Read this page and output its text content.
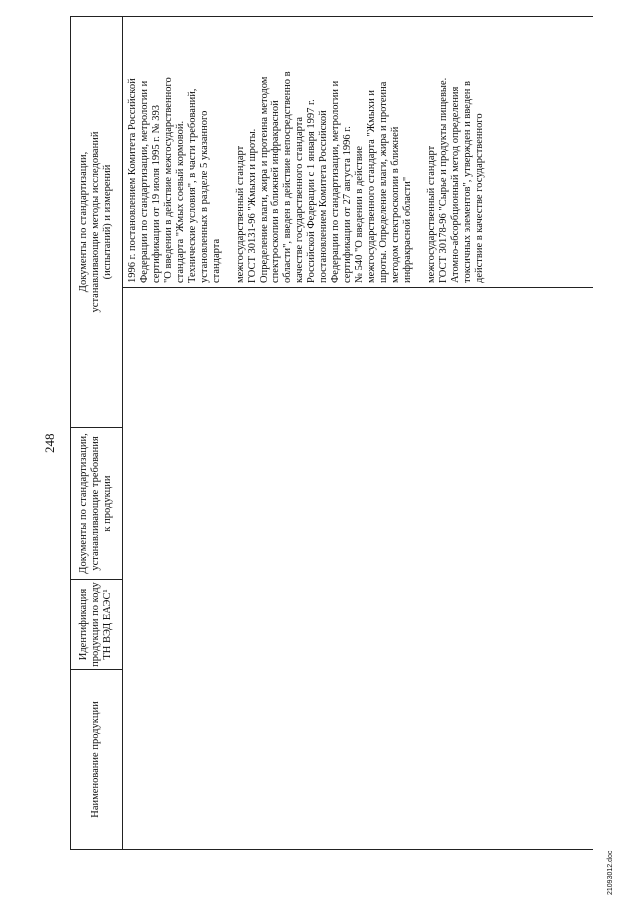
248
Наименование продукции
Идентификация продукции по коду ТН ВЭД ЕАЭС¹
Документы по стандартизации, устанавливающие требования к продукции
Документы по стандартизации, устанавливающие методы исследований (испытаний) и измерений 1996 г. постановлением Комитета Российской Федерации по стандартизации, метрологии и сертификации от 19 июля 1995 г. № 393 "О введении в действие межгосударственного стандарта "Жмых соевый кормовой. Технические условия", в части требований, установленных в разделе 5 указанного стандарта межгосударственный стандарт ГОСТ 30131-96 "Жмыхи и шроты. Определение влаги, жира и протеина методом спектроскопии в ближней инфракрасной области", введен в действие непосредственно в качестве государственного стандарта Российской Федерации с 1 января 1997 г. постановлением Комитета Российской Федерации по стандартизации, метрологии и сертификации от 27 августа 1996 г. № 540 "О введении в действие межгосударственного стандарта "Жмыхи и шроты. Определение влаги, жира и протеина методом спектроскопии в ближней инфракрасной области" межгосударственный стандарт ГОСТ 30178-96 "Сырье и продукты пищевые. Атомно-абсорбционный метод определения токсичных элементов", утвержден и введен в действие в качестве государственного
21093012.doc
